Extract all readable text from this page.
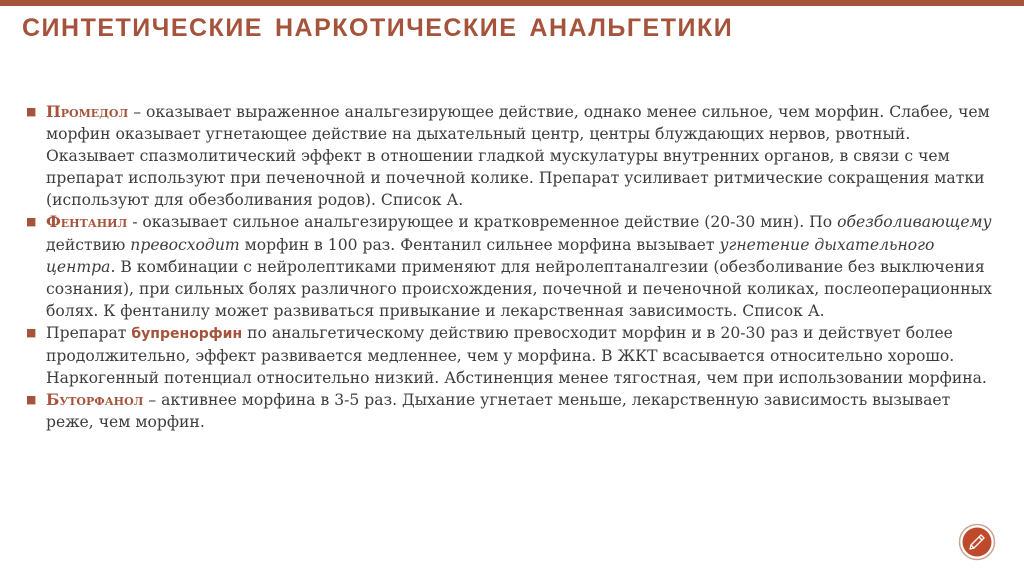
СИНТЕТИЧЕСКИЕ НАРКОТИЧЕСКИЕ АНАЛЬГЕТИКИ

■ Промедол – оказывает выраженное анальгезирующее действие, однако менее сильное, чем морфин. Слабее, чем морфин оказывает угнетающее действие на дыхательный центр, центры блуждающих нервов, рвотный. Оказывает спазмолитический эффект в отношении гладкой мускулатуры внутренних органов, в связи с чем препарат используют при печеночной и почечной колике. Препарат усиливает ритмические сокращения матки (используют для обезболивания родов). Список А.

■ Фентанил - оказывает сильное анальгезирующее и кратковременное действие (20-30 мин). По обезболивающему действию превосходит морфин в 100 раз. Фентанил сильнее морфина вызывает угнетение дыхательного центра. В комбинации с нейролептиками применяют для нейролептаналгезии (обезболивание без выключения сознания), при сильных болях различного происхождения, почечной и печеночной коликах, послеоперационных болях. К фентанилу может развиваться привыкание и лекарственная зависимость. Список А.

■ Препарат бупренорфин по анальгетическому действию превосходит морфин и в 20-30 раз и действует более продолжительно, эффект развивается медленнее, чем у морфина. В ЖКТ всасывается относительно хорошо. Наркогенный потенциал относительно низкий. Абстиненция менее тягостная, чем при использовании морфина.

■ Буторфанол – активнее морфина в 3-5 раз. Дыхание угнетает меньше, лекарственную зависимость вызывает реже, чем морфин.
